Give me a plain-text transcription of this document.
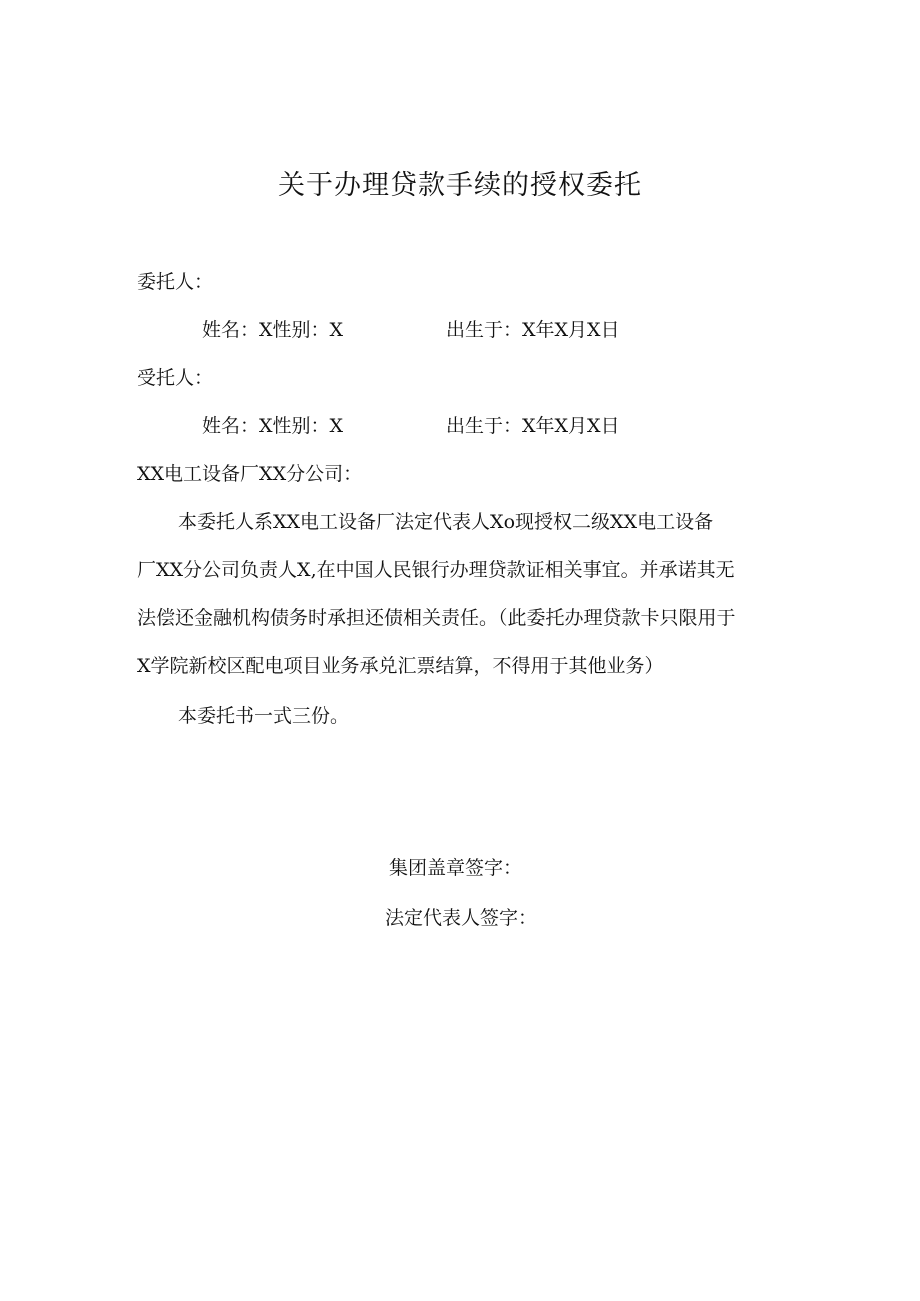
关于办理贷款手续的授权委托
委托人：
姓名：X性别：X	出生于：X年X月X日
受托人：
姓名：X性别：X	出生于：X年X月X日
XX电工设备厂XX分公司：
本委托人系XX电工设备厂法定代表人Xo现授权二级XX电工设备
厂XX分公司负责人X,在中国人民银行办理贷款证相关事宜。并承诺其无
法偿还金融机构债务时承担还债相关责任。（此委托办理贷款卡只限用于
X学院新校区配电项目业务承兑汇票结算，不得用于其他业务）
本委托书一式三份。
集团盖章签字：
法定代表人签字：
